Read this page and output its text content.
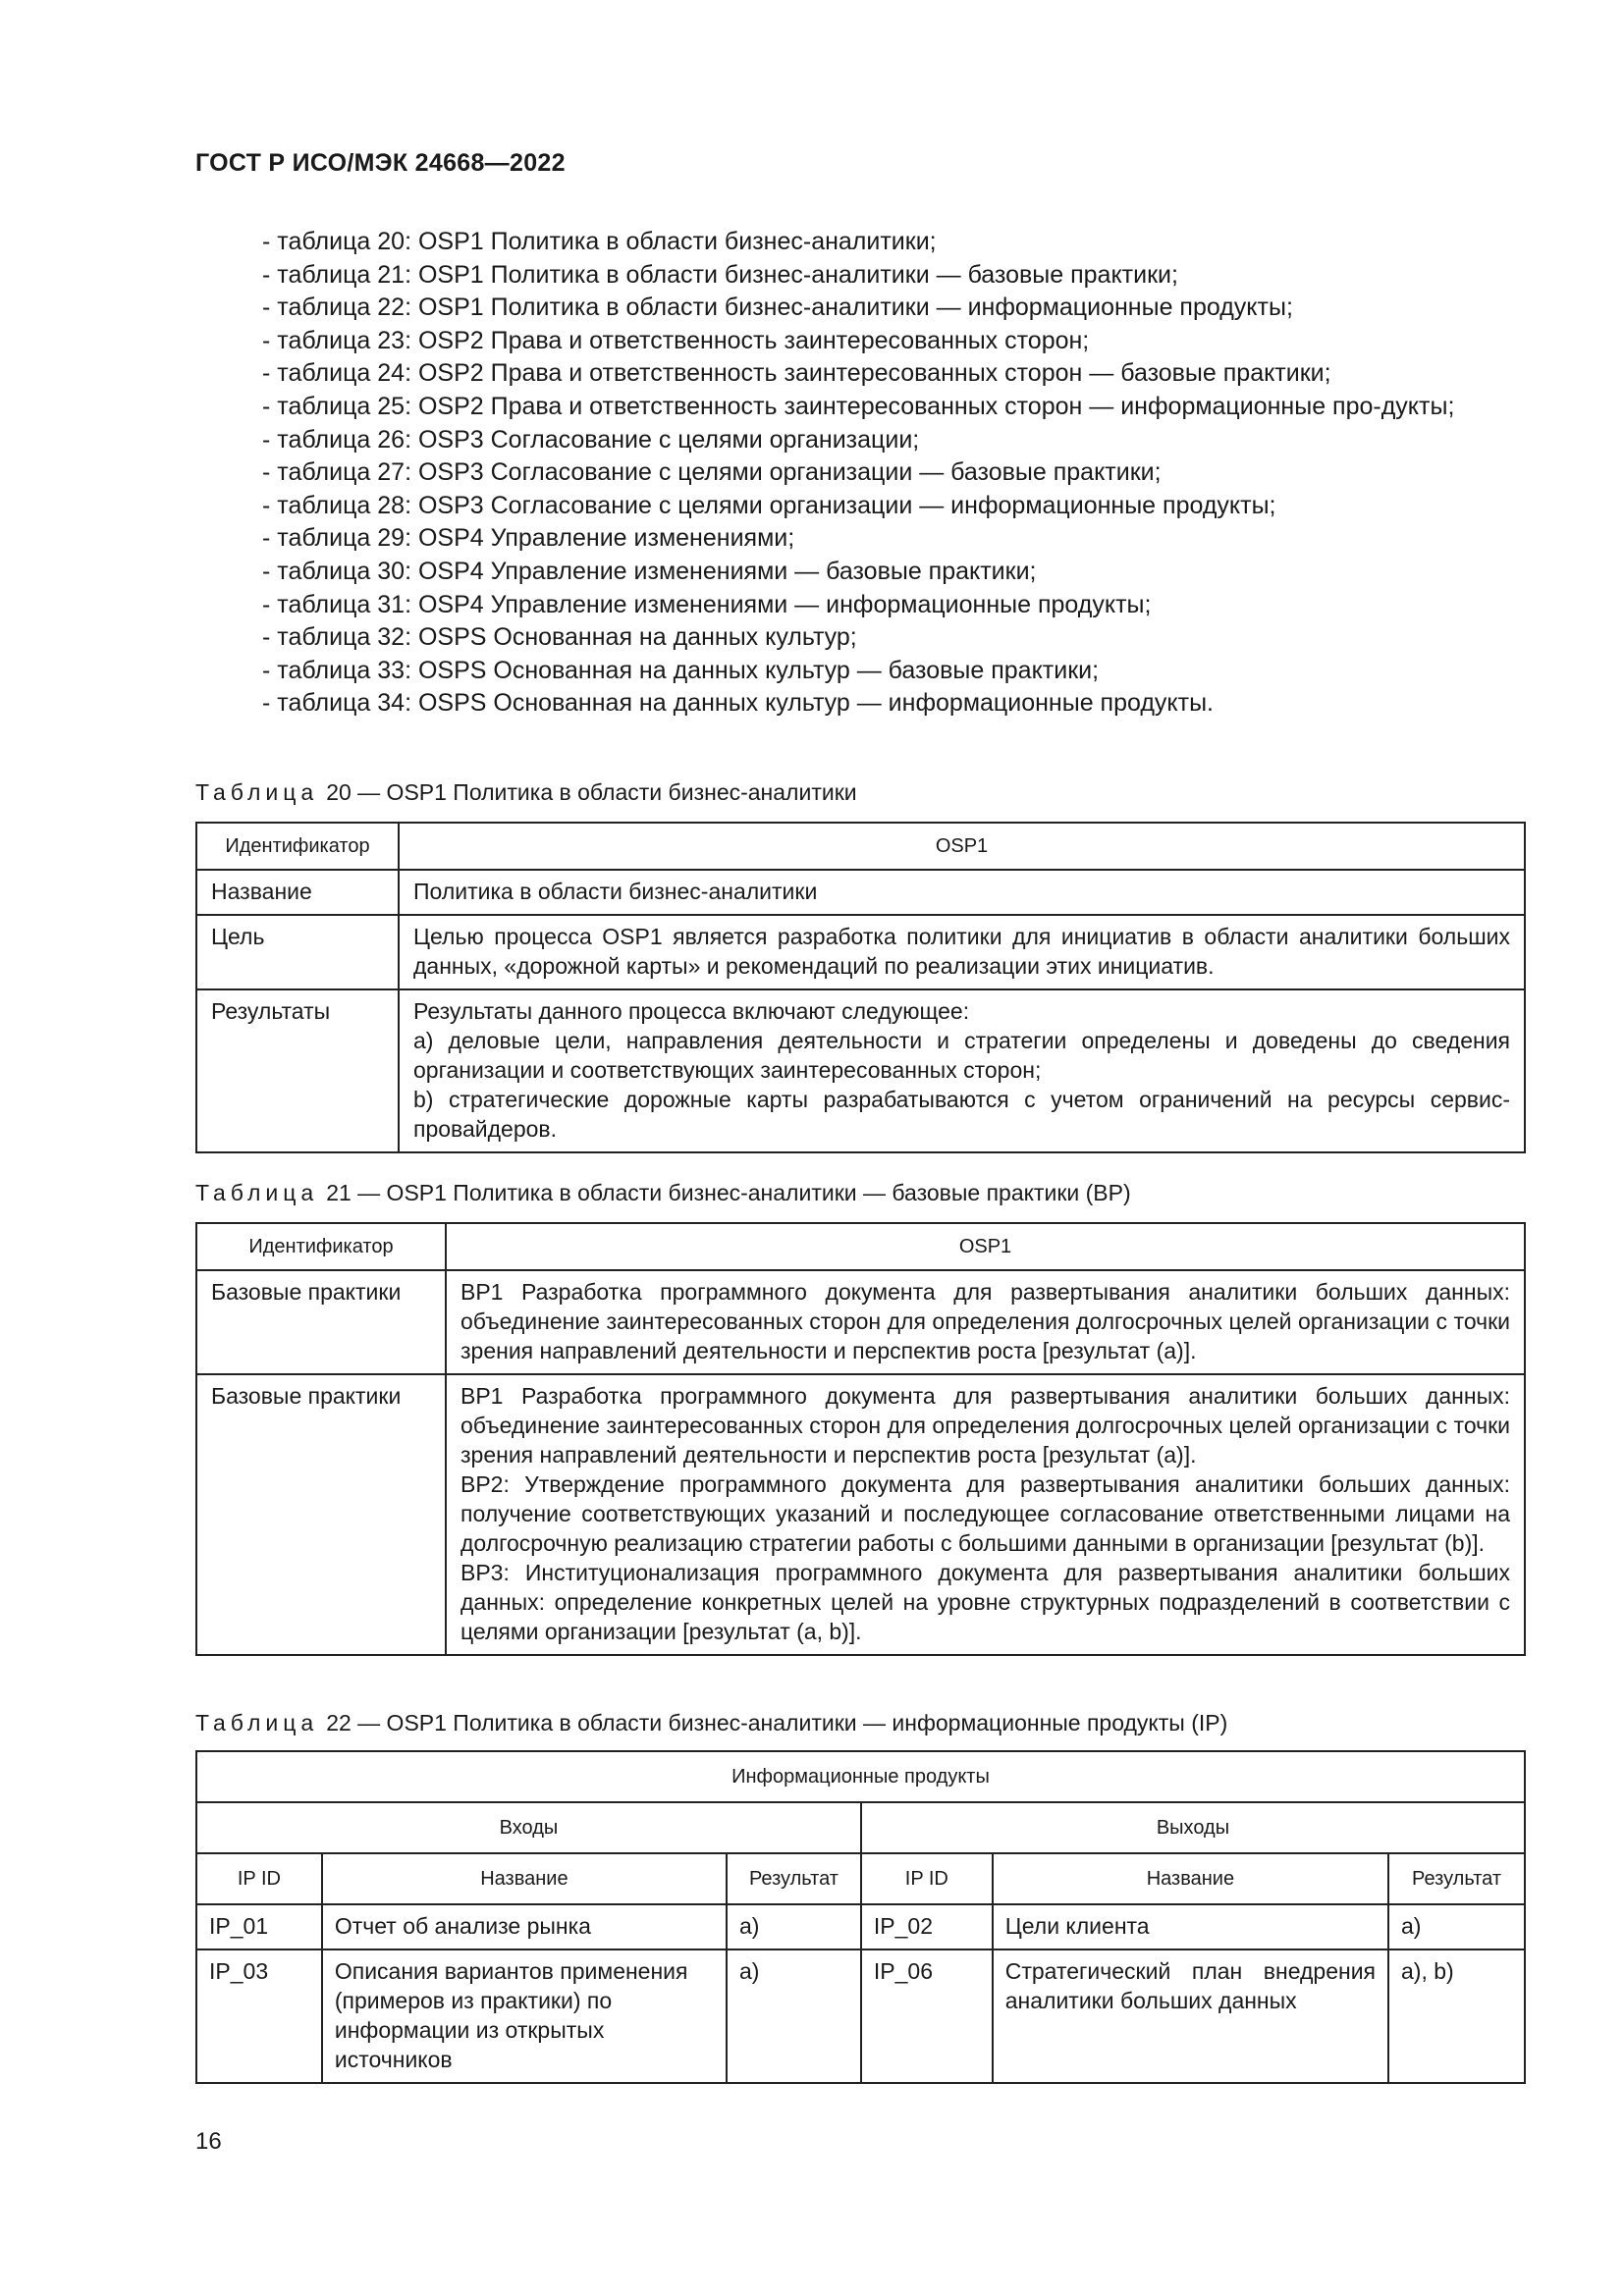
ГОСТ Р ИСО/МЭК 24668—2022
- таблица 20: OSP1 Политика в области бизнес-аналитики;
- таблица 21: OSP1 Политика в области бизнес-аналитики — базовые практики;
- таблица 22: OSP1 Политика в области бизнес-аналитики — информационные продукты;
- таблица 23: OSP2 Права и ответственность заинтересованных сторон;
- таблица 24: OSP2 Права и ответственность заинтересованных сторон — базовые практики;
- таблица 25: OSP2 Права и ответственность заинтересованных сторон — информационные про-дукты;
- таблица 26: OSP3 Согласование с целями организации;
- таблица 27: OSP3 Согласование с целями организации — базовые практики;
- таблица 28: OSP3 Согласование с целями организации — информационные продукты;
- таблица 29: OSP4 Управление изменениями;
- таблица 30: OSP4 Управление изменениями — базовые практики;
- таблица 31: OSP4 Управление изменениями — информационные продукты;
- таблица 32: OSPS Основанная на данных культур;
- таблица 33: OSPS Основанная на данных культур — базовые практики;
- таблица 34: OSPS Основанная на данных культур — информационные продукты.
Таблица 20 — OSP1 Политика в области бизнес-аналитики
Идентификатор	OSP1
Название	Политика в области бизнес-аналитики
Цель	Целью процесса OSP1 является разработка политики для инициатив в области аналитики больших данных, «дорожной карты» и рекомендаций по реализации этих инициатив.
Результаты	Результаты данного процесса включают следующее:
a) деловые цели, направления деятельности и стратегии определены и доведены до сведения организации и соответствующих заинтересованных сторон;
b) стратегические дорожные карты разрабатываются с учетом ограничений на ресурсы сервис-провайдеров.
Таблица 21 — OSP1 Политика в области бизнес-аналитики — базовые практики (BP)
Идентификатор	OSP1
Базовые практики	BP1 Разработка программного документа для развертывания аналитики больших данных: объединение заинтересованных сторон для определения долгосрочных целей организации с точки зрения направлений деятельности и перспектив роста [результат (a)].
Базовые практики	BP1 Разработка программного документа для развертывания аналитики больших данных: объединение заинтересованных сторон для определения долгосрочных целей организации с точки зрения направлений деятельности и перспектив роста [результат (a)].
BP2: Утверждение программного документа для развертывания аналитики больших данных: получение соответствующих указаний и последующее согласование ответственными лицами на долгосрочную реализацию стратегии работы с большими данными в организации [результат (b)].
BP3: Институционализация программного документа для развертывания аналитики больших данных: определение конкретных целей на уровне структурных подразделений в соответствии с целями организации [результат (a, b)].
Таблица 22 — OSP1 Политика в области бизнес-аналитики — информационные продукты (IP)
Информационные продукты					
Входы			Выходы		
IP ID	Название	Результат	IP ID	Название	Результат
IP_01	Отчет об анализе рынка	a)	IP_02	Цели клиента	a)
IP_03	Описания вариантов применения (примеров из практики) по информации из открытых источников	a)	IP_06	Стратегический план внедрения аналитики больших данных	a), b)
16
